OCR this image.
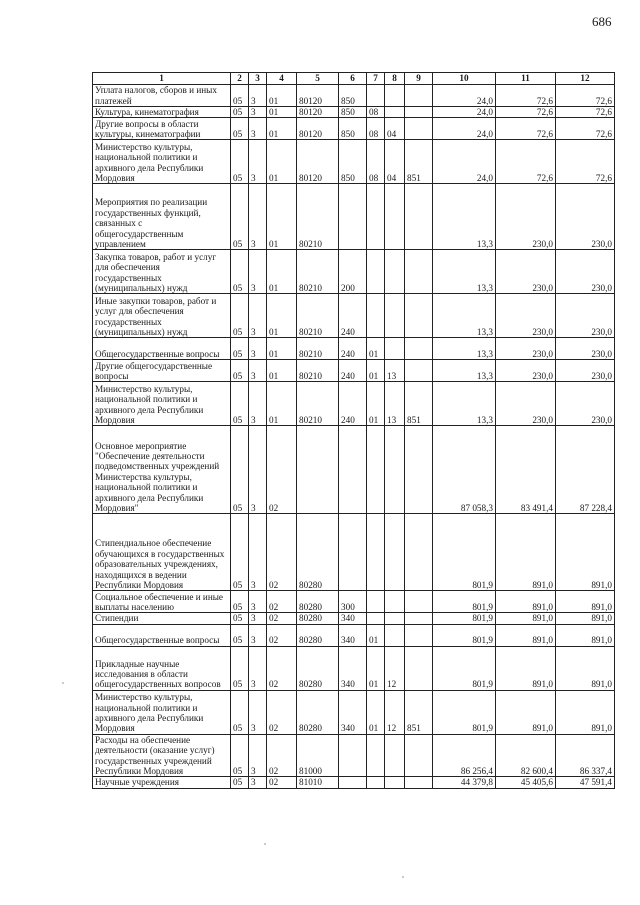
686
1	2	3	4	5	6	7	8	9	10	11	12
Уплата налогов, сборов и иных платежей	05	3	01	80120	850				24,0	72,6	72,6
Культура, кинематография	05	3	01	80120	850	08			24,0	72,6	72,6
Другие вопросы в области культуры, кинематографии	05	3	01	80120	850	08	04		24,0	72,6	72,6
Министерство культуры, национальной политики и архивного дела Республики Мордовия	05	3	01	80120	850	08	04	851	24,0	72,6	72,6
Мероприятия по реализации государственных функций, связанных с общегосударственным управлением	05	3	01	80210					13,3	230,0	230,0
Закупка товаров, работ и услуг для обеспечения государственных (муниципальных) нужд	05	3	01	80210	200				13,3	230,0	230,0
Иные закупки товаров, работ и услуг для обеспечения государственных (муниципальных) нужд	05	3	01	80210	240				13,3	230,0	230,0
Общегосударственные вопросы	05	3	01	80210	240	01			13,3	230,0	230,0
Другие общегосударственные вопросы	05	3	01	80210	240	01	13		13,3	230,0	230,0
Министерство культуры, национальной политики и архивного дела Республики Мордовия	05	3	01	80210	240	01	13	851	13,3	230,0	230,0
Основное мероприятие "Обеспечение деятельности подведомственных учреждений Министерства культуры, национальной политики и архивного дела Республики Мордовия"	05	3	02						87 058,3	83 491,4	87 228,4
Стипендиальное обеспечение обучающихся в государственных образовательных учреждениях, находящихся в ведении Республики Мордовия	05	3	02	80280					801,9	891,0	891,0
Социальное обеспечение и иные выплаты населению	05	3	02	80280	300				801,9	891,0	891,0
Стипендии	05	3	02	80280	340				801,9	891,0	891,0
Общегосударственные вопросы	05	3	02	80280	340	01			801,9	891,0	891,0
Прикладные научные исследования в области общегосударственных вопросов	05	3	02	80280	340	01	12		801,9	891,0	891,0
Министерство культуры, национальной политики и архивного дела Республики Мордовия	05	3	02	80280	340	01	12	851	801,9	891,0	891,0
Расходы на обеспечение деятельности (оказание услуг) государственных учреждений Республики Мордовия	05	3	02	81000					86 256,4	82 600,4	86 337,4
Научные учреждения	05	3	02	81010					44 379,8	45 405,6	47 591,4
